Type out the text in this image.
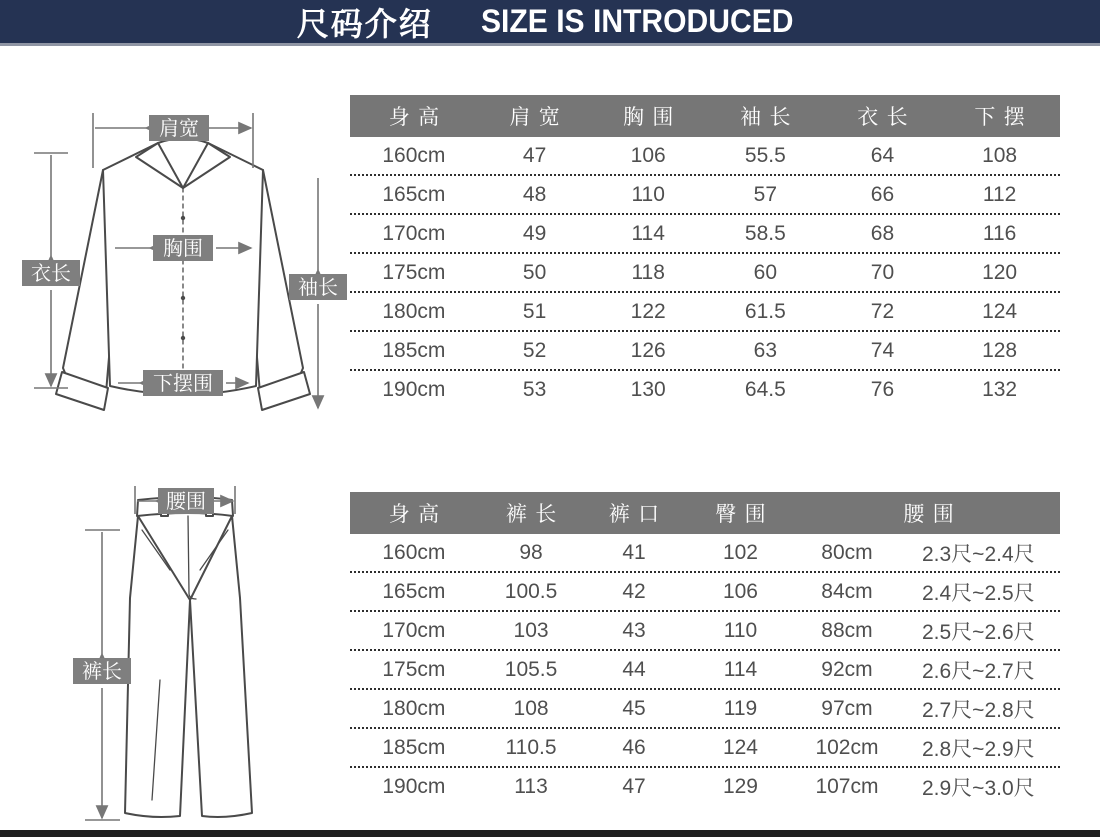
尺码介绍 SIZE IS INTRODUCED
肩宽
胸围
衣长
袖长
下摆围
腰围
裤长
身高	肩宽	胸围	袖长	衣长	下摆
160cm	47	106	55.5	64	108
165cm	48	110	57	66	112
170cm	49	114	58.5	68	116
175cm	50	118	60	70	120
180cm	51	122	61.5	72	124
185cm	52	126	63	74	128
190cm	53	130	64.5	76	132
身高	裤长	裤口	臀围	腰围
160cm	98	41	102	80cm	2.3尺~2.4尺
165cm	100.5	42	106	84cm	2.4尺~2.5尺
170cm	103	43	110	88cm	2.5尺~2.6尺
175cm	105.5	44	114	92cm	2.6尺~2.7尺
180cm	108	45	119	97cm	2.7尺~2.8尺
185cm	110.5	46	124	102cm	2.8尺~2.9尺
190cm	113	47	129	107cm	2.9尺~3.0尺
